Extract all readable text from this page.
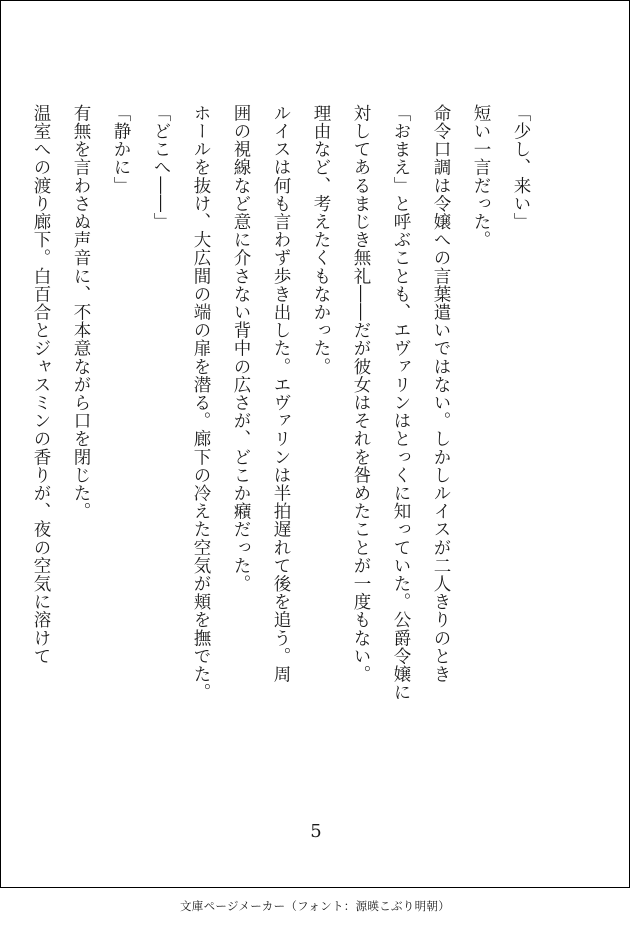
「少し、来い」
短い一言だった。
命令口調は令嬢への言葉遣いではない。しかしルイスが二人きりのとき
「おまえ」と呼ぶことも、エヴァリンはとっくに知っていた。公爵令嬢に
対してあるまじき無礼――だが彼女はそれを咎めたことが一度もない。
理由など、考えたくもなかった。
ルイスは何も言わず歩き出した。エヴァリンは半拍遅れて後を追う。周
囲の視線など意に介さない背中の広さが、どこか癪だった。
ホールを抜け、大広間の端の扉を潜る。廊下の冷えた空気が頬を撫でた。
「どこへ――」
「静かに」
有無を言わさぬ声音に、不本意ながら口を閉じた。
温室への渡り廊下。白百合とジャスミンの香りが、夜の空気に溶けて
5
文庫ページメーカー（フォント：源暎こぶり明朝）
